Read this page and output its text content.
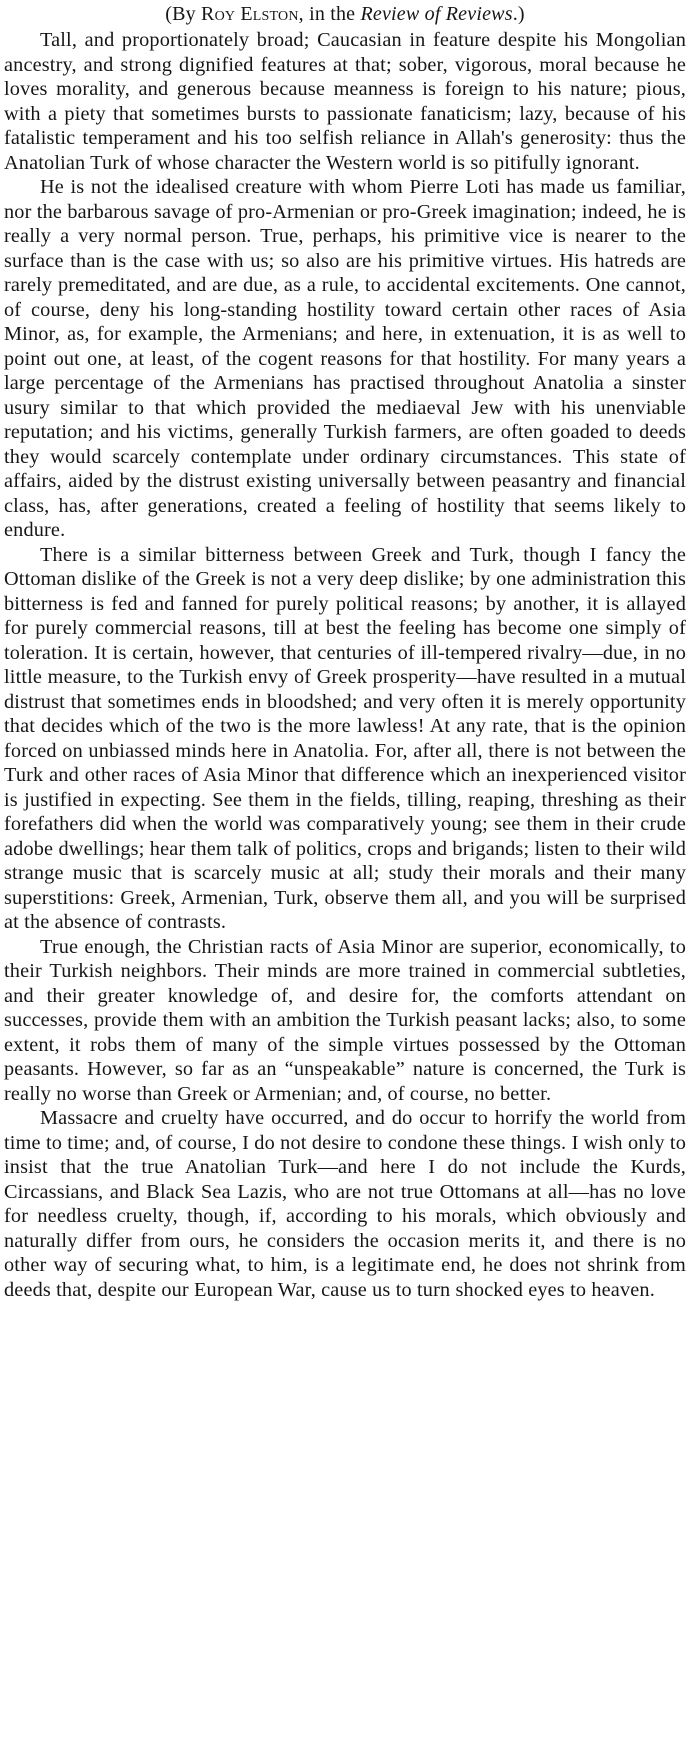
(By Roy Elston, in the Review of Reviews.)

Tall, and proportionately broad; Caucasian in feature despite his Mongolian ancestry, and strong dignified features at that; sober, vigorous, moral because he loves morality, and generous because meanness is foreign to his nature; pious, with a piety that sometimes bursts to passionate fanaticism; lazy, because of his fatalistic temperament and his too selfish reliance in Allah's generosity: thus the Anatolian Turk of whose character the Western world is so pitifully ignorant.

He is not the idealised creature with whom Pierre Loti has made us familiar, nor the barbarous savage of pro-Armenian or pro-Greek imagination; indeed, he is really a very normal person. True, perhaps, his primitive vice is nearer to the surface than is the case with us; so also are his primitive virtues. His hatreds are rarely premeditated, and are due, as a rule, to accidental excitements. One cannot, of course, deny his long-standing hostility toward certain other races of Asia Minor, as, for example, the Armenians; and here, in extenuation, it is as well to point out one, at least, of the cogent reasons for that hostility. For many years a large percentage of the Armenians has practised throughout Anatolia a sinster usury similar to that which provided the mediaeval Jew with his unenviable reputation; and his victims, generally Turkish farmers, are often goaded to deeds they would scarcely contemplate under ordinary circumstances. This state of affairs, aided by the distrust existing universally between peasantry and financial class, has, after generations, created a feeling of hostility that seems likely to endure.

There is a similar bitterness between Greek and Turk, though I fancy the Ottoman dislike of the Greek is not a very deep dislike; by one administration this bitterness is fed and fanned for purely political reasons; by another, it is allayed for purely commercial reasons, till at best the feeling has become one simply of toleration. It is certain, however, that centuries of ill-tempered rivalry—due, in no little measure, to the Turkish envy of Greek prosperity—have resulted in a mutual distrust that sometimes ends in bloodshed; and very often it is merely opportunity that decides which of the two is the more lawless! At any rate, that is the opinion forced on unbiassed minds here in Anatolia. For, after all, there is not between the Turk and other races of Asia Minor that difference which an inexperienced visitor is justified in expecting. See them in the fields, tilling, reaping, threshing as their forefathers did when the world was comparatively young; see them in their crude adobe dwellings; hear them talk of politics, crops and brigands; listen to their wild strange music that is scarcely music at all; study their morals and their many superstitions: Greek, Armenian, Turk, observe them all, and you will be surprised at the absence of contrasts.

True enough, the Christian racts of Asia Minor are superior, economically, to their Turkish neighbors. Their minds are more trained in commercial subtleties, and their greater knowledge of, and desire for, the comforts attendant on successes, provide them with an ambition the Turkish peasant lacks; also, to some extent, it robs them of many of the simple virtues possessed by the Ottoman peasants. However, so far as an “unspeakable” nature is concerned, the Turk is really no worse than Greek or Armenian; and, of course, no better.

Massacre and cruelty have occurred, and do occur to horrify the world from time to time; and, of course, I do not desire to condone these things. I wish only to insist that the true Anatolian Turk—and here I do not include the Kurds, Circassians, and Black Sea Lazis, who are not true Ottomans at all—has no love for needless cruelty, though, if, according to his morals, which obviously and naturally differ from ours, he considers the occasion merits it, and there is no other way of securing what, to him, is a legitimate end, he does not shrink from deeds that, despite our European War, cause us to turn shocked eyes to heaven.
